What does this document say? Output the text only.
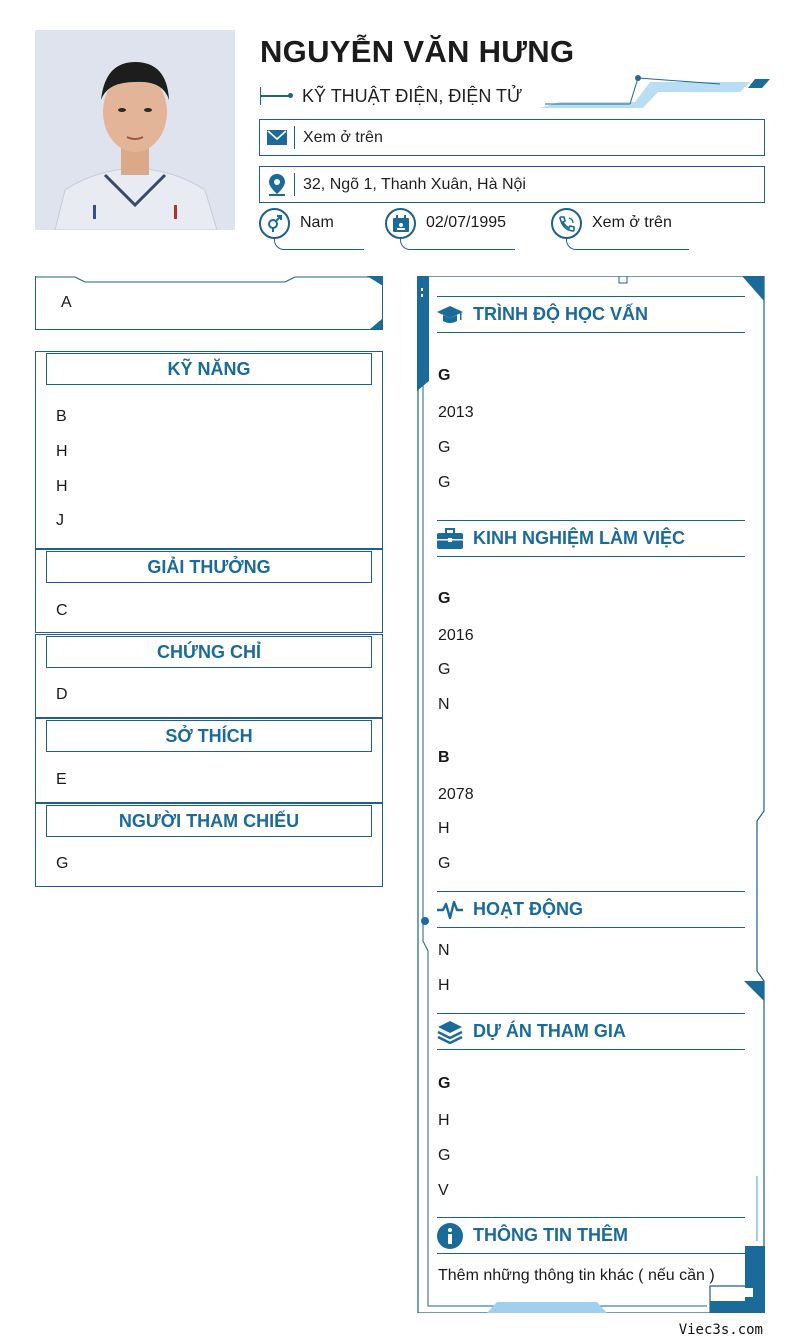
NGUYỄN VĂN HƯNG
KỸ THUẬT ĐIỆN, ĐIỆN TỬ
Xem ở trên
32, Ngõ 1, Thanh Xuân, Hà Nội
Nam	02/07/1995	Xem ở trên
A
KỸ NĂNG
B
H
H
J
GIẢI THƯỞNG
C
CHỨNG CHỈ
D
SỞ THÍCH
E
NGƯỜI THAM CHIẾU
G
TRÌNH ĐỘ HỌC VẤN
G
2013
G
G
KINH NGHIỆM LÀM VIỆC
G
2016
G
N
B
2078
H
G
HOẠT ĐỘNG
N
H
DỰ ÁN THAM GIA
G
H
G
V
THÔNG TIN THÊM
Thêm những thông tin khác ( nếu cần )
Viec3s.com
